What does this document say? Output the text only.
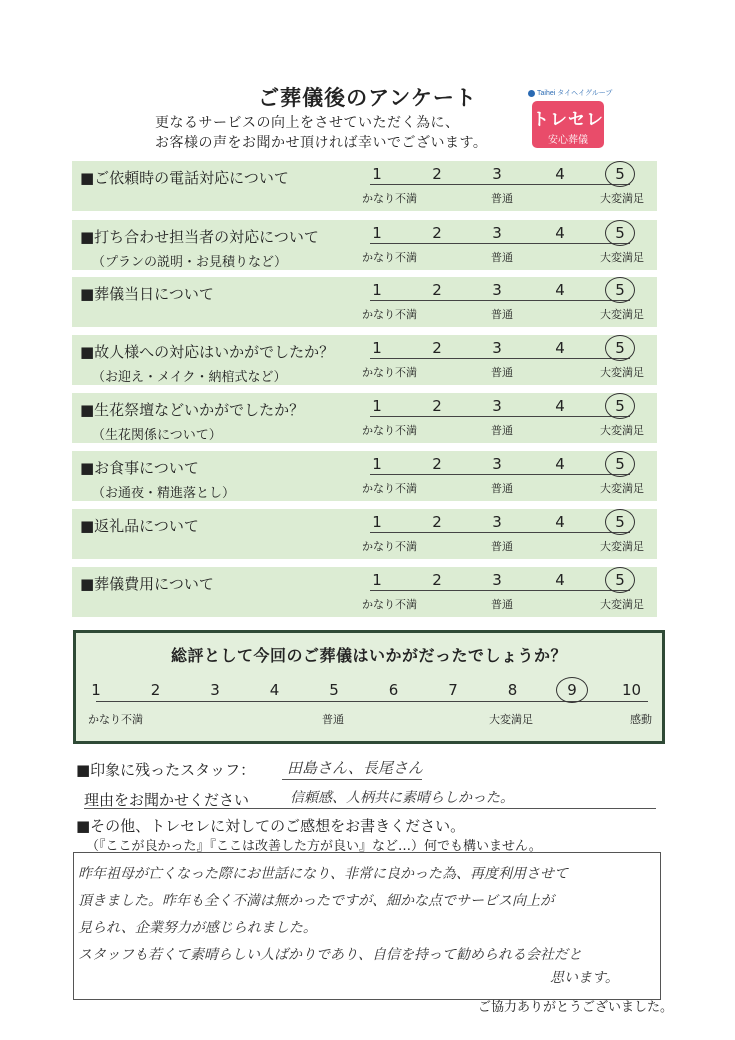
ご葬儀後のアンケート
更なるサービスの向上をさせていただく為に、
お客様の声をお聞かせ頂ければ幸いでございます。
Taihei タイヘイグループ
トレセレ
安心葬儀
■ご依頼時の電話対応について	1	2	3	4	5
かなり不満	普通	大変満足
■打ち合わせ担当者の対応について
（プランの説明・お見積りなど）
1	2	3	4	5
かなり不満	普通	大変満足
■葬儀当日について	1	2	3	4	5
かなり不満	普通	大変満足
■故人様への対応はいかがでしたか？
（お迎え・メイク・納棺式など）
1	2	3	4	5
かなり不満	普通	大変満足
■生花祭壇などいかがでしたか？
（生花関係について）
1	2	3	4	5
かなり不満	普通	大変満足
■お食事について
（お通夜・精進落とし）
1	2	3	4	5
かなり不満	普通	大変満足
■返礼品について	1	2	3	4	5
かなり不満	普通	大変満足
■葬儀費用について	1	2	3	4	5
かなり不満	普通	大変満足
総評として今回のご葬儀はいかがだったでしょうか？
1	2	3	4	5	6	7	8	9	10
かなり不満	普通	大変満足	感動
■印象に残ったスタッフ： 田島さん、長尾さん
理由をお聞かせください	信頼感、人柄共に素晴らしかった。
■その他、トレセレに対してのご感想をお書きください。
（『ここが良かった』『ここは改善した方が良い』など…）何でも構いません。
昨年祖母が亡くなった際にお世話になり、非常に良かった為、再度利用させて
頂きました。昨年も全く不満は無かったですが、細かな点でサービス向上が
見られ、企業努力が感じられました。
スタッフも若くて素晴らしい人ばかりであり、自信を持って勧められる会社だと
思います。
ご協力ありがとうございました。
